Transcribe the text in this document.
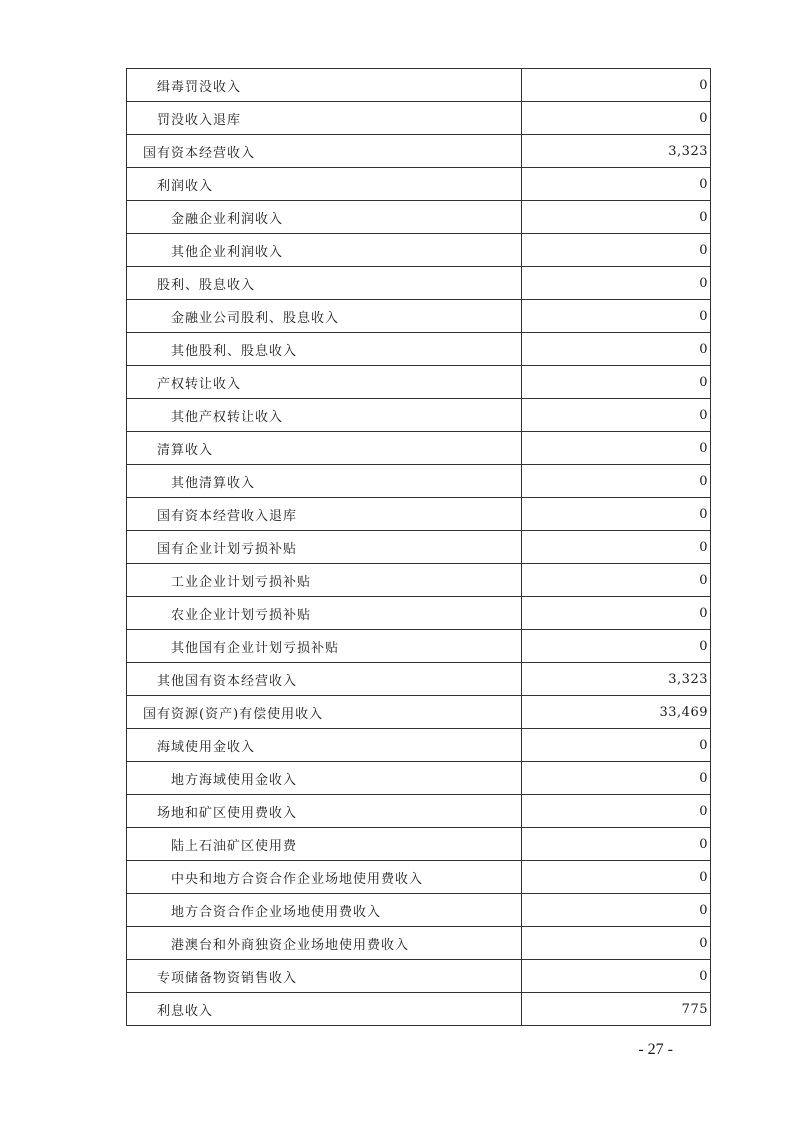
缉毒罚没收入	0
罚没收入退库	0
国有资本经营收入	3,323
利润收入	0
金融企业利润收入	0
其他企业利润收入	0
股利、股息收入	0
金融业公司股利、股息收入	0
其他股利、股息收入	0
产权转让收入	0
其他产权转让收入	0
清算收入	0
其他清算收入	0
国有资本经营收入退库	0
国有企业计划亏损补贴	0
工业企业计划亏损补贴	0
农业企业计划亏损补贴	0
其他国有企业计划亏损补贴	0
其他国有资本经营收入	3,323
国有资源(资产)有偿使用收入	33,469
海域使用金收入	0
地方海域使用金收入	0
场地和矿区使用费收入	0
陆上石油矿区使用费	0
中央和地方合资合作企业场地使用费收入	0
地方合资合作企业场地使用费收入	0
港澳台和外商独资企业场地使用费收入	0
专项储备物资销售收入	0
利息收入	775
- 27 -
